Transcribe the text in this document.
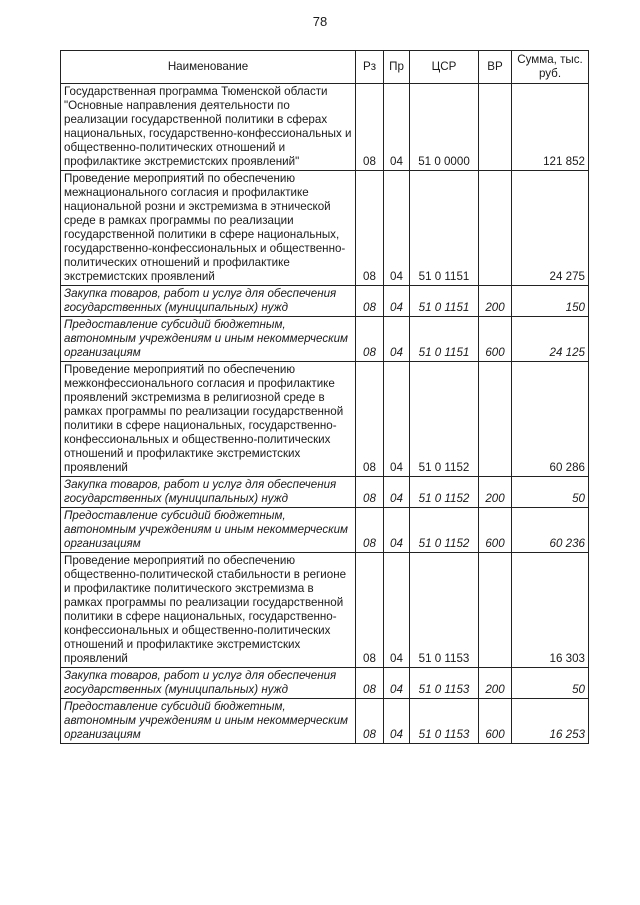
78
Наименование	Рз	Пр	ЦСР	ВР	Сумма, тыс. руб.
Государственная программа Тюменской области "Основные направления деятельности по реализации государственной политики в сферах национальных, государственно-конфессиональных и общественно-политических отношений и профилактике экстремистских проявлений"	08	04	51 0 0000		121 852
Проведение мероприятий по обеспечению межнационального согласия и профилактике национальной розни и экстремизма в этнической среде в рамках программы по реализации государственной политики в сфере национальных, государственно-конфессиональных и общественно-политических отношений и профилактике экстремистских проявлений	08	04	51 0 1151		24 275
Закупка товаров, работ и услуг для обеспечения государственных (муниципальных) нужд	08	04	51 0 1151	200	150
Предоставление субсидий бюджетным, автономным учреждениям и иным некоммерческим организациям	08	04	51 0 1151	600	24 125
Проведение мероприятий по обеспечению межконфессионального согласия и профилактике проявлений экстремизма в религиозной среде в рамках программы по реализации государственной политики в сфере национальных, государственно-конфессиональных и общественно-политических отношений и профилактике экстремистских проявлений	08	04	51 0 1152		60 286
Закупка товаров, работ и услуг для обеспечения государственных (муниципальных) нужд	08	04	51 0 1152	200	50
Предоставление субсидий бюджетным, автономным учреждениям и иным некоммерческим организациям	08	04	51 0 1152	600	60 236
Проведение мероприятий по обеспечению общественно-политической стабильности в регионе и профилактике политического экстремизма в рамках программы по реализации государственной политики в сфере национальных, государственно-конфессиональных и общественно-политических отношений и профилактике экстремистских проявлений	08	04	51 0 1153		16 303
Закупка товаров, работ и услуг для обеспечения государственных (муниципальных) нужд	08	04	51 0 1153	200	50
Предоставление субсидий бюджетным, автономным учреждениям и иным некоммерческим организациям	08	04	51 0 1153	600	16 253
